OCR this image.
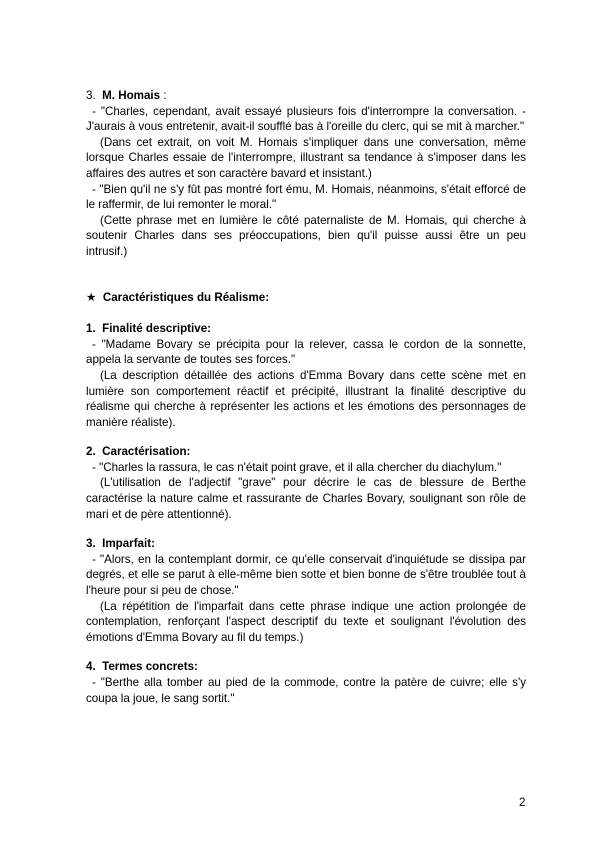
3. M. Homais :

- "Charles, cependant, avait essayé plusieurs fois d'interrompre la conversation. - J'aurais à vous entretenir, avait-il soufflé bas à l'oreille du clerc, qui se mit à marcher."

(Dans cet extrait, on voit M. Homais s'impliquer dans une conversation, même lorsque Charles essaie de l'interrompre, illustrant sa tendance à s'imposer dans les affaires des autres et son caractère bavard et insistant.)

- "Bien qu'il ne s'y fût pas montré fort ému, M. Homais, néanmoins, s'était efforcé de le raffermir, de lui remonter le moral."

(Cette phrase met en lumière le côté paternaliste de M. Homais, qui cherche à soutenir Charles dans ses préoccupations, bien qu'il puisse aussi être un peu intrusif.)

★ Caractéristiques du Réalisme:

1. Finalité descriptive:

- "Madame Bovary se précipita pour la relever, cassa le cordon de la sonnette, appela la servante de toutes ses forces."

(La description détaillée des actions d'Emma Bovary dans cette scène met en lumière son comportement réactif et précipité, illustrant la finalité descriptive du réalisme qui cherche à représenter les actions et les émotions des personnages de manière réaliste).

2. Caractérisation:

- "Charles la rassura, le cas n'était point grave, et il alla chercher du diachylum."

(L'utilisation de l'adjectif "grave" pour décrire le cas de blessure de Berthe caractérise la nature calme et rassurante de Charles Bovary, soulignant son rôle de mari et de père attentionné).

3. Imparfait:

- "Alors, en la contemplant dormir, ce qu'elle conservait d'inquiétude se dissipa par degrés, et elle se parut à elle-même bien sotte et bien bonne de s'être troublée tout à l'heure pour si peu de chose."

(La répétition de l'imparfait dans cette phrase indique une action prolongée de contemplation, renforçant l'aspect descriptif du texte et soulignant l'évolution des émotions d'Emma Bovary au fil du temps.)

4. Termes concrets:

- "Berthe alla tomber au pied de la commode, contre la patère de cuivre; elle s'y coupa la joue, le sang sortit."

2
